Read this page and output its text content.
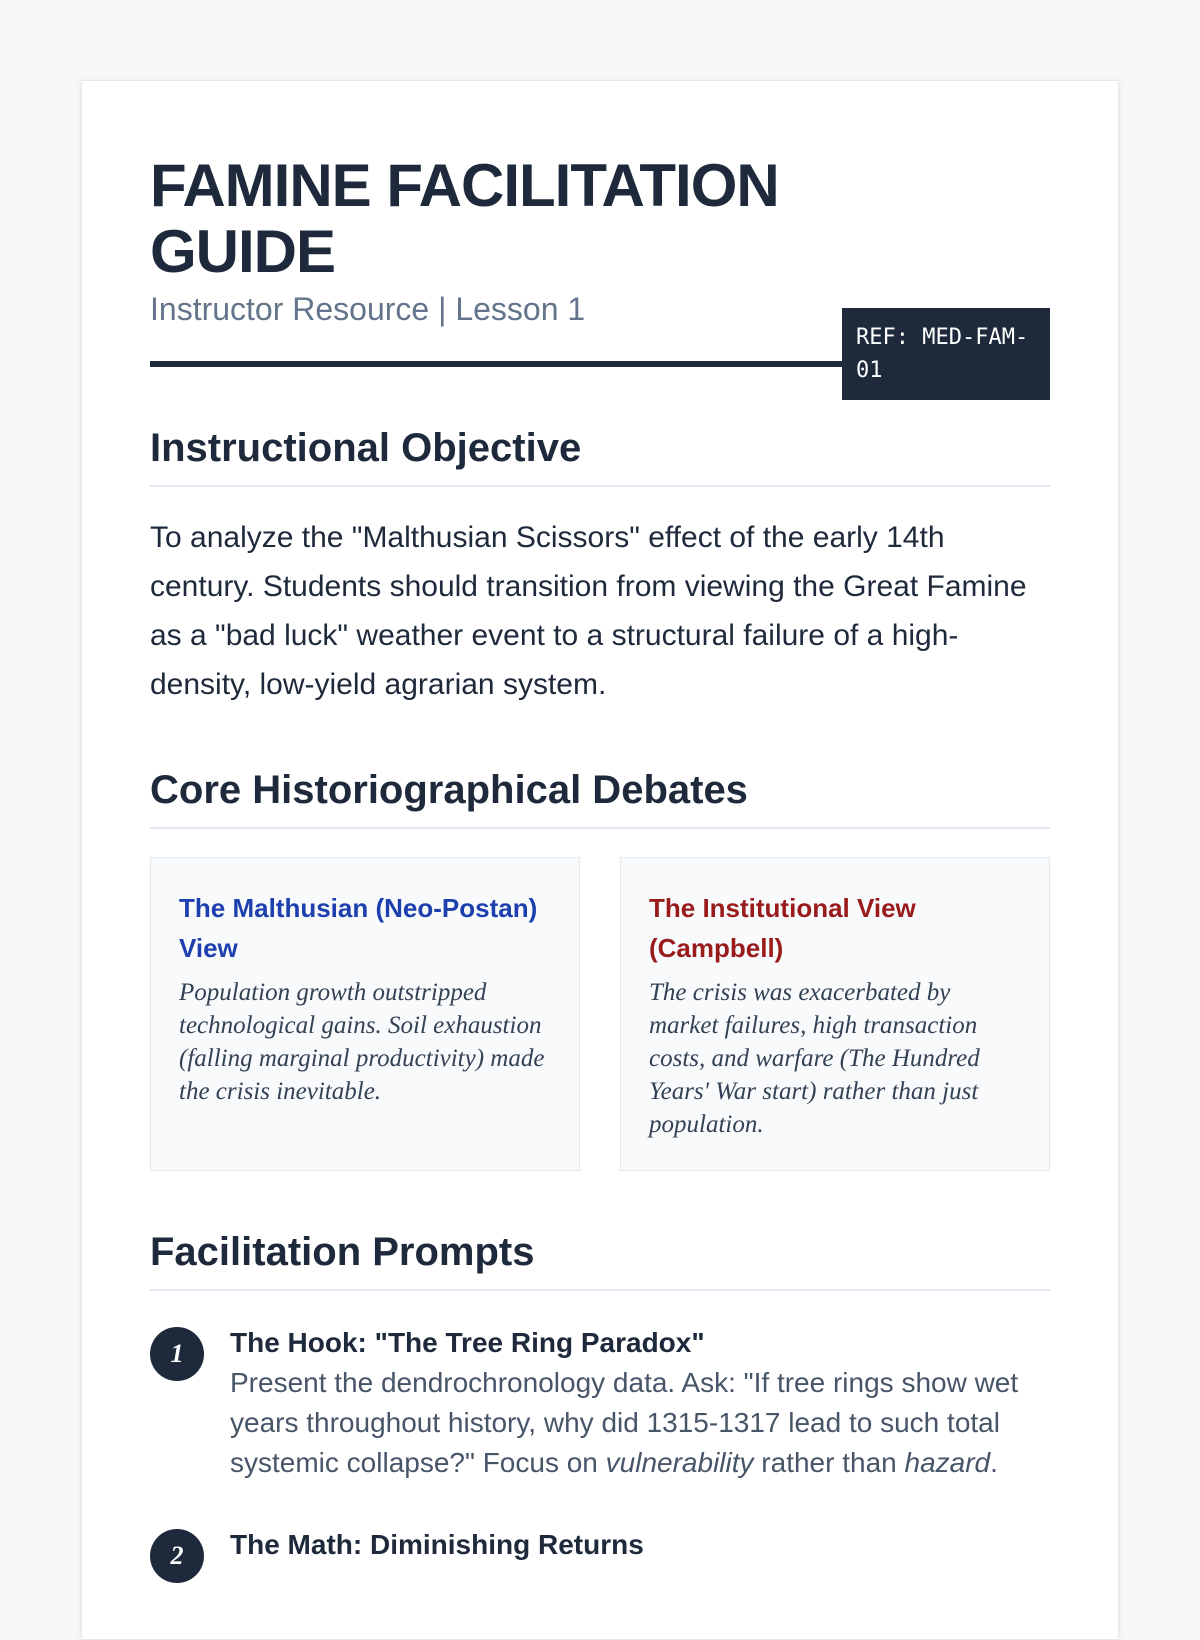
FAMINE FACILITATION GUIDE

Instructor Resource | Lesson 1

REF: MED-FAM-01
Instructional Objective

To analyze the "Malthusian Scissors" effect of the early 14th century. Students should transition from viewing the Great Famine as a "bad luck" weather event to a structural failure of a high-density, low-yield agrarian system.

Core Historiographical Debates
The Malthusian (Neo-Postan) View

Population growth outstripped technological gains. Soil exhaustion (falling marginal productivity) made the crisis inevitable.

The Institutional View (Campbell)

The crisis was exacerbated by market failures, high transaction costs, and warfare (The Hundred Years' War start) rather than just population.

Facilitation Prompts
1	The Hook: "The Tree Ring Paradox"

Present the dendrochronology data. Ask: "If tree rings show wet years throughout history, why did 1315-1317 lead to such total systemic collapse?" Focus on vulnerability rather than hazard.

2	The Math: Diminishing Returns
